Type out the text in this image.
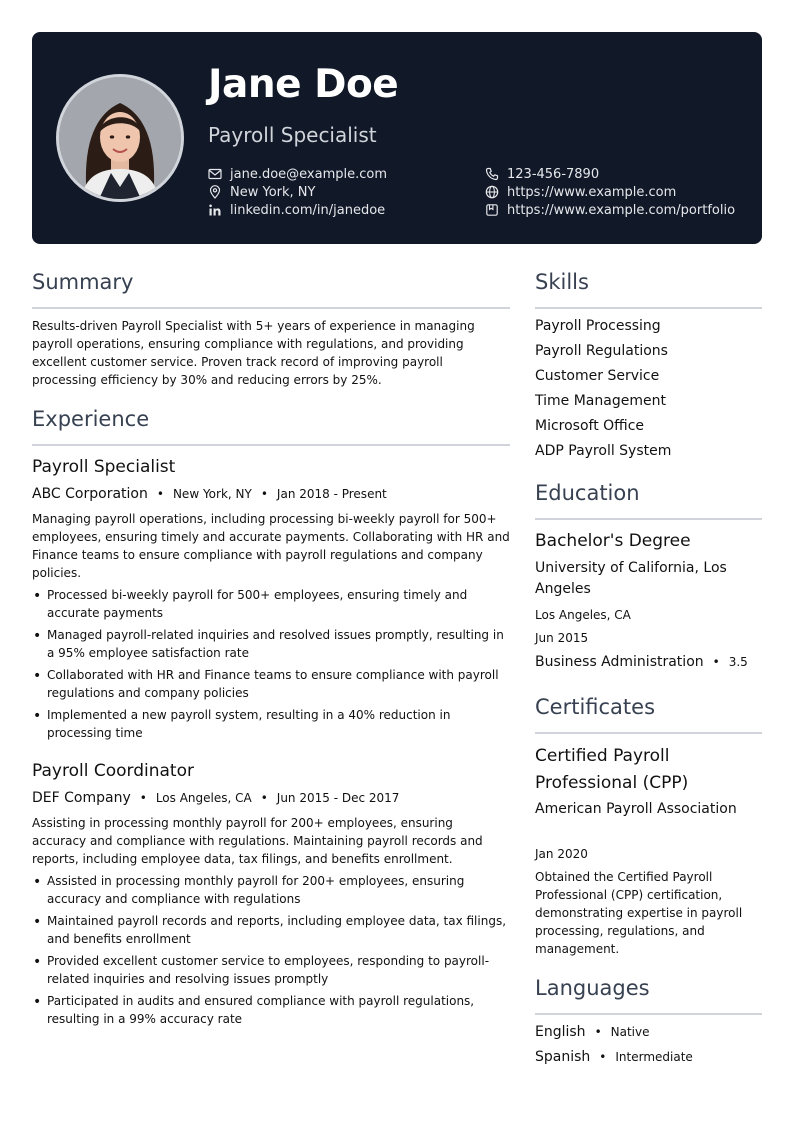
Jane Doe
Payroll Specialist
jane.doe@example.com
New York, NY
linkedin.com/in/janedoe
123-456-7890
https://www.example.com
https://www.example.com/portfolio
Summary
Results-driven Payroll Specialist with 5+ years of experience in managing payroll operations, ensuring compliance with regulations, and providing excellent customer service. Proven track record of improving payroll processing efficiency by 30% and reducing errors by 25%.
Experience
Payroll Specialist
ABC Corporation • New York, NY • Jan 2018 - Present
Managing payroll operations, including processing bi-weekly payroll for 500+ employees, ensuring timely and accurate payments. Collaborating with HR and Finance teams to ensure compliance with payroll regulations and company policies.
• Processed bi-weekly payroll for 500+ employees, ensuring timely and accurate payments
• Managed payroll-related inquiries and resolved issues promptly, resulting in a 95% employee satisfaction rate
• Collaborated with HR and Finance teams to ensure compliance with payroll regulations and company policies
• Implemented a new payroll system, resulting in a 40% reduction in processing time
Payroll Coordinator
DEF Company • Los Angeles, CA • Jun 2015 - Dec 2017
Assisting in processing monthly payroll for 200+ employees, ensuring accuracy and compliance with regulations. Maintaining payroll records and reports, including employee data, tax filings, and benefits enrollment.
• Assisted in processing monthly payroll for 200+ employees, ensuring accuracy and compliance with regulations
• Maintained payroll records and reports, including employee data, tax filings, and benefits enrollment
• Provided excellent customer service to employees, responding to payroll-related inquiries and resolving issues promptly
• Participated in audits and ensured compliance with payroll regulations, resulting in a 99% accuracy rate
Skills
Payroll Processing
Payroll Regulations
Customer Service
Time Management
Microsoft Office
ADP Payroll System
Education
Bachelor's Degree
University of California, Los Angeles
Los Angeles, CA
Jun 2015
Business Administration • 3.5
Certificates
Certified Payroll Professional (CPP)
American Payroll Association
Jan 2020
Obtained the Certified Payroll Professional (CPP) certification, demonstrating expertise in payroll processing, regulations, and management.
Languages
English • Native
Spanish • Intermediate
